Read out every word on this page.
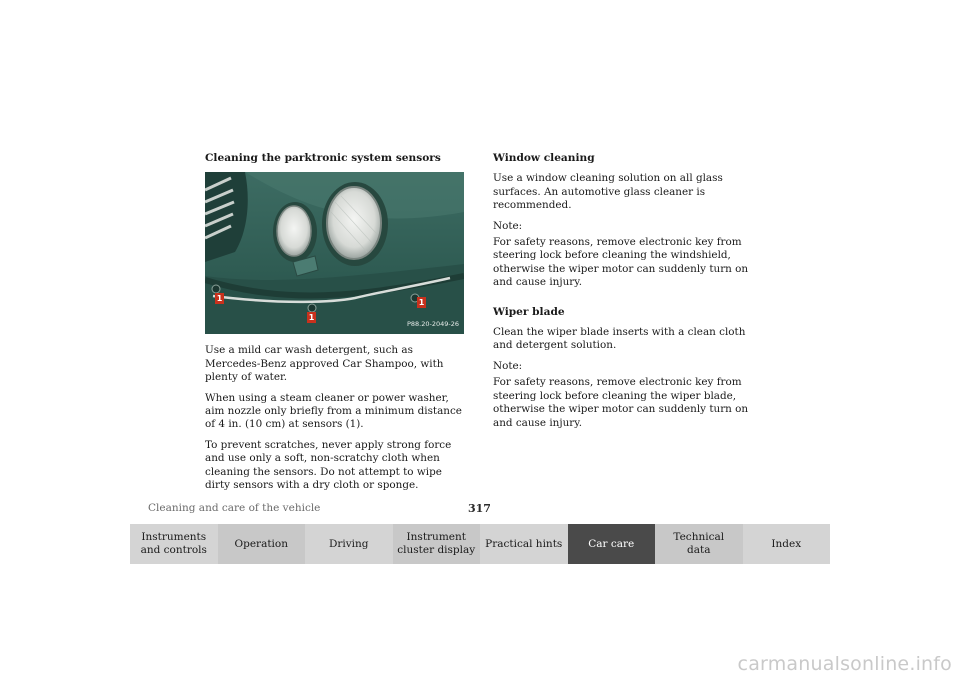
Cleaning the parktronic system sensors
1
1
1
P88.20-2049-26

Use a mild car wash detergent, such as Mercedes-Benz approved Car Shampoo, with plenty of water.

When using a steam cleaner or power washer, aim nozzle only briefly from a minimum distance of 4 in. (10 cm) at sensors (1).

To prevent scratches, never apply strong force and use only a soft, non-scratchy cloth when cleaning the sensors. Do not attempt to wipe dirty sensors with a dry cloth or sponge.

Window cleaning

Use a window cleaning solution on all glass surfaces. An automotive glass cleaner is recommended.

Note:

For safety reasons, remove electronic key from steering lock before cleaning the windshield, otherwise the wiper motor can suddenly turn on and cause injury.

Wiper blade

Clean the wiper blade inserts with a clean cloth and detergent solution.

Note:

For safety reasons, remove electronic key from steering lock before cleaning the wiper blade, otherwise the wiper motor can suddenly turn on and cause injury.

Cleaning and care of the vehicle	317
Instruments
and controls
Operation	Driving
Instrument
cluster display
Practical hints	Car care
Technical
data
Index
carmanualsonline.info
